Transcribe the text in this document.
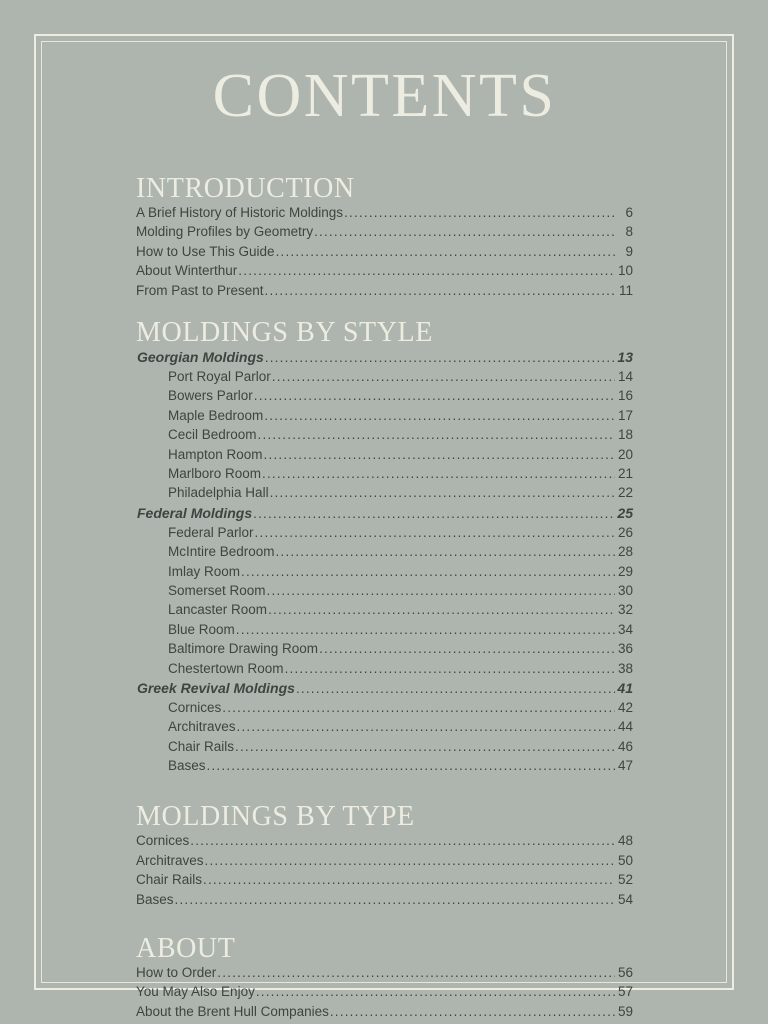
CONTENTS
INTRODUCTION
A Brief History of Historic Moldings .....	6
Molding Profiles by Geometry .....	8
How to Use This Guide .....	9
About Winterthur .....	10
From Past to Present .....	11
MOLDINGS BY STYLE
Georgian Moldings .....	13
Port Royal Parlor .....	14
Bowers Parlor .....	16
Maple Bedroom .....	17
Cecil Bedroom .....	18
Hampton Room .....	20
Marlboro Room .....	21
Philadelphia Hall .....	22
Federal Moldings .....	25
Federal Parlor .....	26
McIntire Bedroom .....	28
Imlay Room .....	29
Somerset Room .....	30
Lancaster Room .....	32
Blue Room .....	34
Baltimore Drawing Room .....	36
Chestertown Room .....	38
Greek Revival Moldings .....	41
Cornices .....	42
Architraves .....	44
Chair Rails .....	46
Bases .....	47
MOLDINGS BY TYPE
Cornices .....	48
Architraves .....	50
Chair Rails .....	52
Bases .....	54
ABOUT
How to Order .....	56
You May Also Enjoy .....	57
About the Brent Hull Companies .....	59
